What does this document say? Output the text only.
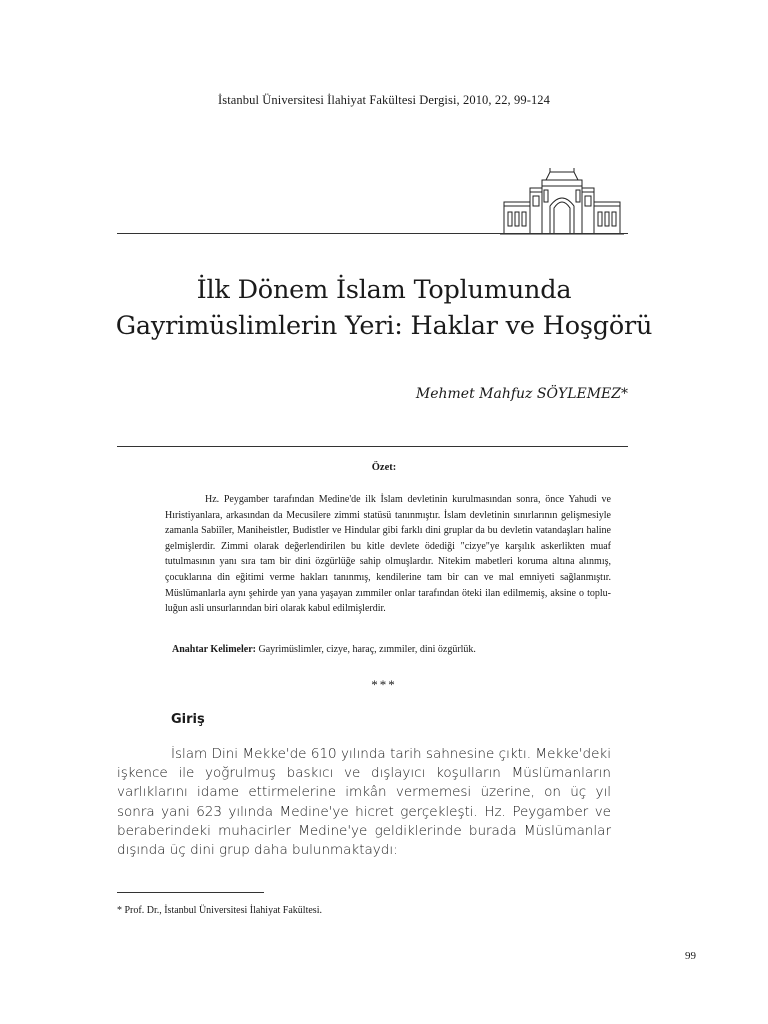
İstanbul Üniversitesi İlahiyat Fakültesi Dergisi, 2010, 22, 99-124
İlk Dönem İslam Toplumunda
Gayrimüslimlerin Yeri: Haklar ve Hoşgörü
Mehmet Mahfuz SÖYLEMEZ*
Özet:

Hz. Peygamber tarafından Medine'de ilk İslam devletinin kurulmasından sonra, önce Yahudi ve Hıristiyanlara, arkasından da Mecusilere zimmi statüsü tanınmıştır. İslam devletinin sınırlarının gelişmesiyle zamanla Sabiîler, Maniheistler, Budistler ve Hindular gibi farklı dini gruplar da bu devletin vatandaşları haline gelmişlerdir. Zimmi olarak değerlendirilen bu kitle devlete ödediği "cizye"ye karşılık askerlikten muaf tutulmasının yanı sıra tam bir dini özgürlüğe sahip olmuşlardır. Nitekim mabetleri koruma altına alınmış, çocuklarına din eğitimi verme hakları tanınmış, kendilerine tam bir can ve mal emniyeti sağlanmıştır. Müslümanlarla aynı şehirde yan yana yaşayan zımmiler onlar tarafından öteki ilan edilmemiş, aksine o topluluğun asli unsurlarından biri olarak kabul edilmişlerdir.

Anahtar Kelimeler: Gayrimüslimler, cizye, haraç, zımmiler, dini özgürlük.
***
Giriş

İslam Dini Mekke'de 610 yılında tarih sahnesine çıktı. Mekke'deki işkence ile yoğrulmuş baskıcı ve dışlayıcı koşulların Müslümanların varlıklarını idame ettirmelerine imkân vermemesi üzerine, on üç yıl sonra yani 623 yılında Medine'ye hicret gerçekleşti. Hz. Peygamber ve beraberindeki muhacirler Medine'ye geldiklerinde burada Müslümanlar dışında üç dini grup daha bulunmaktaydı:

* Prof. Dr., İstanbul Üniversitesi İlahiyat Fakültesi.
99
